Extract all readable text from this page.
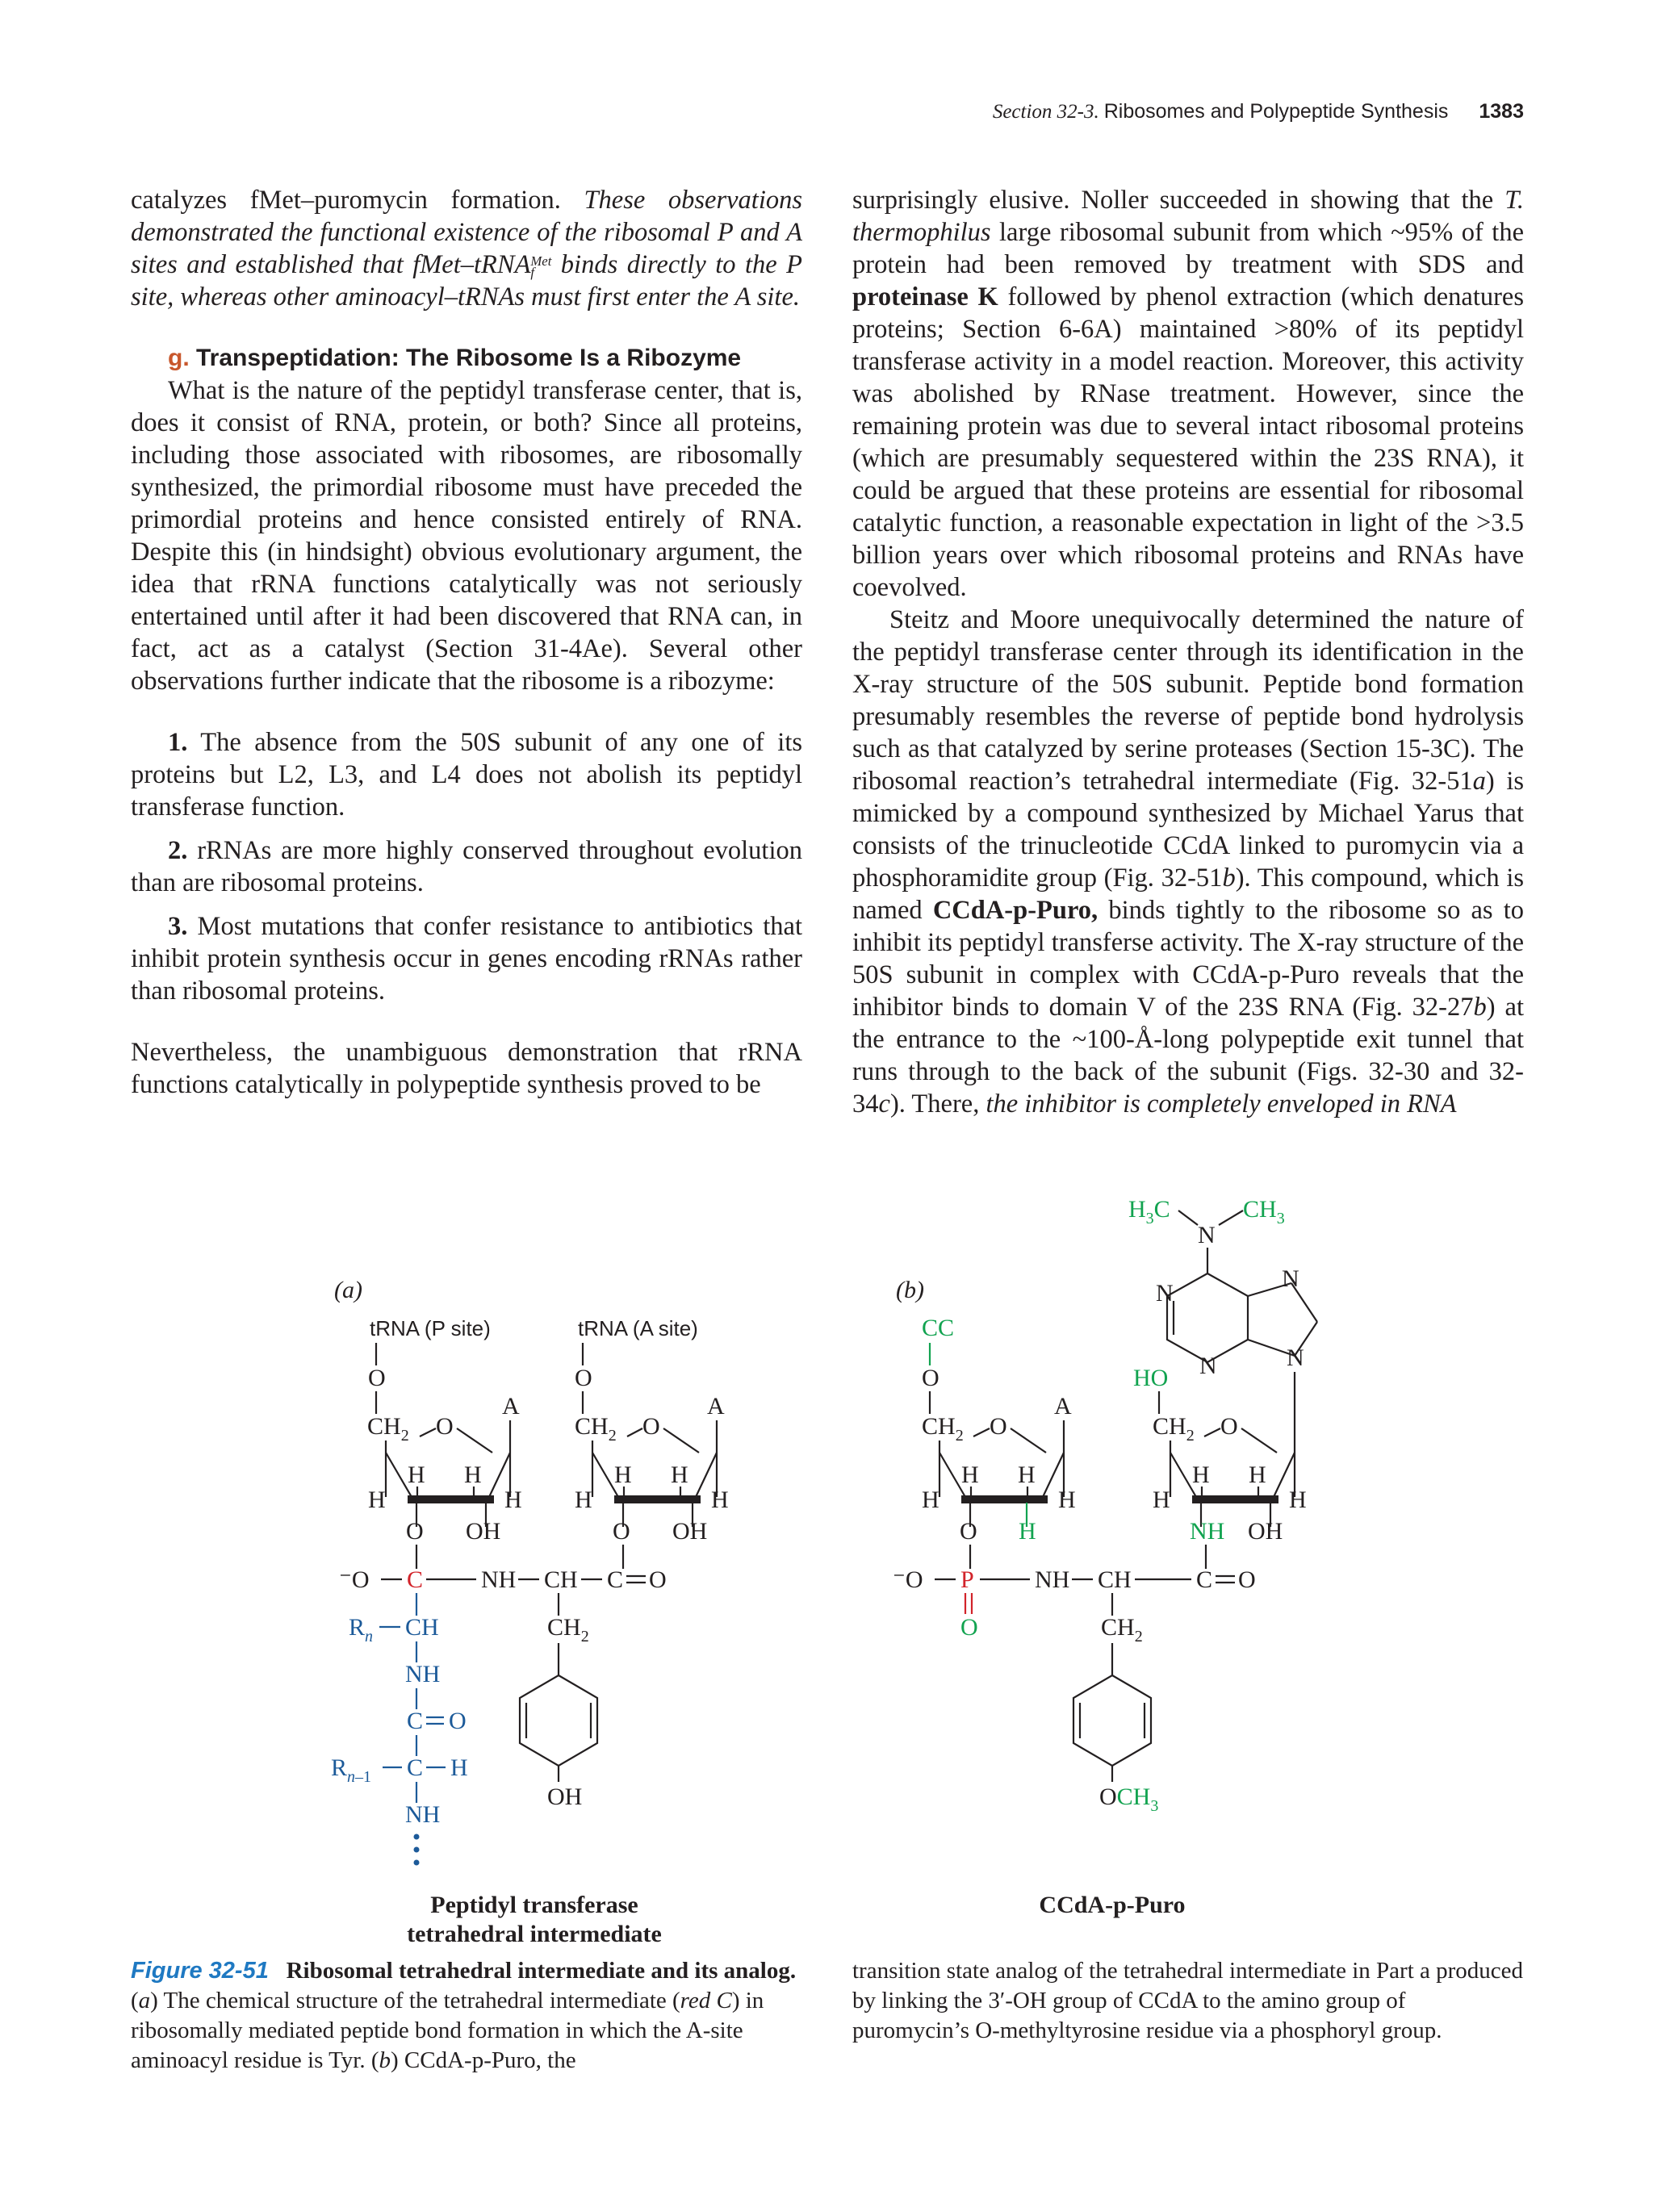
Section 32-3. Ribosomes and Polypeptide Synthesis 1383

catalyzes fMet–puromycin formation. These observations demonstrated the functional existence of the ribosomal P and A sites and established that fMet–tRNA Met
f binds directly to the P site, whereas other aminoacyl–tRNAs must first enter the A site.

g. Transpeptidation: The Ribosome Is a Ribozyme

What is the nature of the peptidyl transferase center, that is, does it consist of RNA, protein, or both? Since all proteins, including those associated with ribosomes, are ribosomally synthesized, the primordial ribosome must have preceded the primordial proteins and hence consisted entirely of RNA. Despite this (in hindsight) obvious evolutionary argument, the idea that rRNA functions catalytically was not seriously entertained until after it had been discovered that RNA can, in fact, act as a catalyst (Section 31-4Ae). Several other observations further indicate that the ribosome is a ribozyme:

1. The absence from the 50S subunit of any one of its proteins but L2, L3, and L4 does not abolish its peptidyl transferase function.

2. rRNAs are more highly conserved throughout evolution than are ribosomal proteins.

3. Most mutations that confer resistance to antibiotics that inhibit protein synthesis occur in genes encoding rRNAs rather than ribosomal proteins.

Nevertheless, the unambiguous demonstration that rRNA functions catalytically in polypeptide synthesis proved to be

surprisingly elusive. Noller succeeded in showing that the T. thermophilus large ribosomal subunit from which ~95% of the protein had been removed by treatment with SDS and proteinase K followed by phenol extraction (which denatures proteins; Section 6-6A) maintained >80% of its peptidyl transferase activity in a model reaction. Moreover, this activity was abolished by RNase treatment. However, since the remaining protein was due to several intact ribosomal proteins (which are presumably sequestered within the 23S RNA), it could be argued that these proteins are essential for ribosomal catalytic function, a reasonable expectation in light of the >3.5 billion years over which ribosomal proteins and RNAs have coevolved.

Steitz and Moore unequivocally determined the nature of the peptidyl transferase center through its identification in the X-ray structure of the 50S subunit. Peptide bond formation presumably resembles the reverse of peptide bond hydrolysis such as that catalyzed by serine proteases (Section 15-3C). The ribosomal reaction’s tetrahedral intermediate (Fig. 32-51a) is mimicked by a compound synthesized by Michael Yarus that consists of the trinucleotide CCdA linked to puromycin via a phosphoramidite group (Fig. 32-51b). This compound, which is named CCdA-p-Puro, binds tightly to the ribosome so as to inhibit its peptidyl transferse activity. The X-ray structure of the 50S subunit in complex with CCdA-p-Puro reveals that the inhibitor binds to domain V of the 23S RNA (Fig. 32-27b) at the entrance to the ~100-Å-long polypeptide exit tunnel that runs through to the back of the subunit (Figs. 32-30 and 32-34c). There, the inhibitor is completely enveloped in RNA

(a)
tRNA (P site)	tRNA (A site)
O
$CH_2$ O
A
H H
H	H
O OH
O
$CH_2$ O
A
H H
H	H
O OH
⁻O C NH CH C O
$R_n$ CH
NH
C O
$R_n-1$ C H
NH
$CH_2$
OH
Peptidyl transferase
tetrahedral intermediate
(b)
CC
O
$CH_2$ O
A
H H
H	H
O H
⁻O P
O
NH CH	C O
$CH_2$
$OCH_3$
HO
$CH_2$ O
H H
H	H
NH OH
$H_3C$	$CH_3$
N
N
N
N	N
CCdA-p-Puro
Figure 32-51 Ribosomal tetrahedral intermediate and its analog. (a) The chemical structure of the tetrahedral intermediate (red C) in ribosomally mediated peptide bond formation in which the A-site aminoacyl residue is Tyr. (b) CCdA-p-Puro, the
transition state analog of the tetrahedral intermediate in Part a produced by linking the 3′-OH group of CCdA to the amino group of puromycin’s O-methyltyrosine residue via a phosphoryl group.
